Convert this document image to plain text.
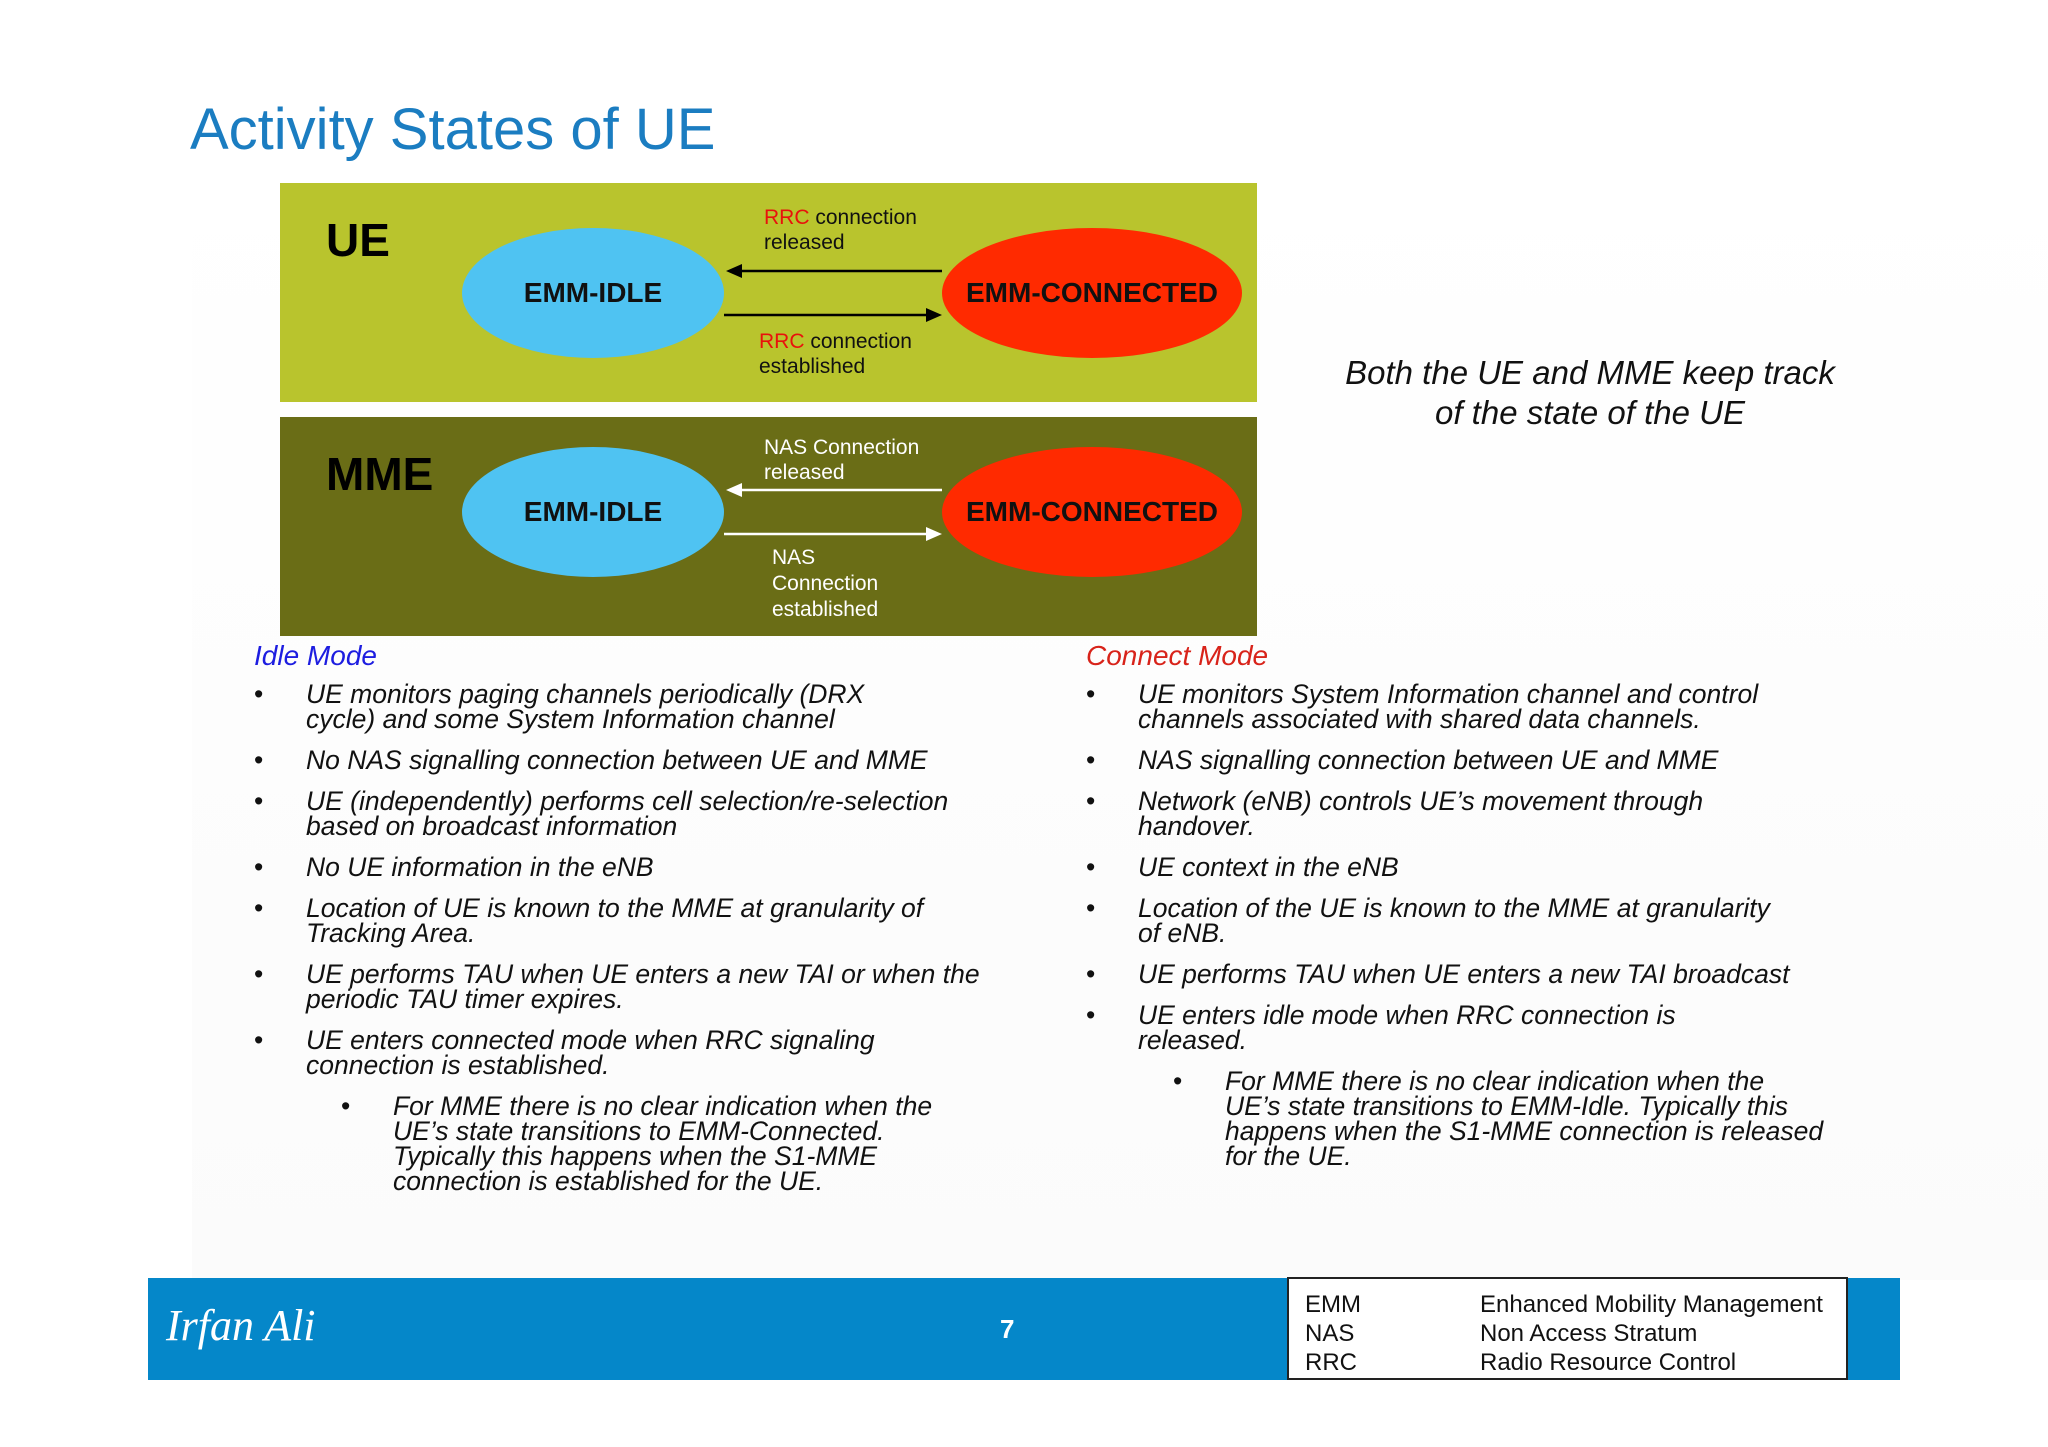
Activity States of UE
UE
EMM-IDLE	EMM-CONNECTED
RRC connection
released
RRC connection
established
MME
EMM-IDLE	EMM-CONNECTED
NAS Connection
released
NAS
Connection
established
Both the UE and MME keep track
of the state of the UE
Idle Mode
• UE monitors paging channels periodically (DRX cycle) and some System Information channel
• No NAS signalling connection between UE and MME
• UE (independently) performs cell selection/re-selection based on broadcast information
• No UE information in the eNB
• Location of UE is known to the MME at granularity of Tracking Area.
• UE performs TAU when UE enters a new TAI or when the periodic TAU timer expires.
• UE enters connected mode when RRC signaling connection is established.
• For MME there is no clear indication when the UE’s state transitions to EMM-Connected. Typically this happens when the S1-MME connection is established for the UE.
Connect Mode
• UE monitors System Information channel and control channels associated with shared data channels.
• NAS signalling connection between UE and MME
• Network (eNB) controls UE’s movement through handover.
• UE context in the eNB
• Location of the UE is known to the MME at granularity of eNB.
• UE performs TAU when UE enters a new TAI broadcast
• UE enters idle mode when RRC connection is released.
• For MME there is no clear indication when the UE’s state transitions to EMM-Idle. Typically this happens when the S1-MME connection is released for the UE.
Irfan Ali	7
EMM	Enhanced Mobility Management
NAS	Non Access Stratum
RRC	Radio Resource Control
